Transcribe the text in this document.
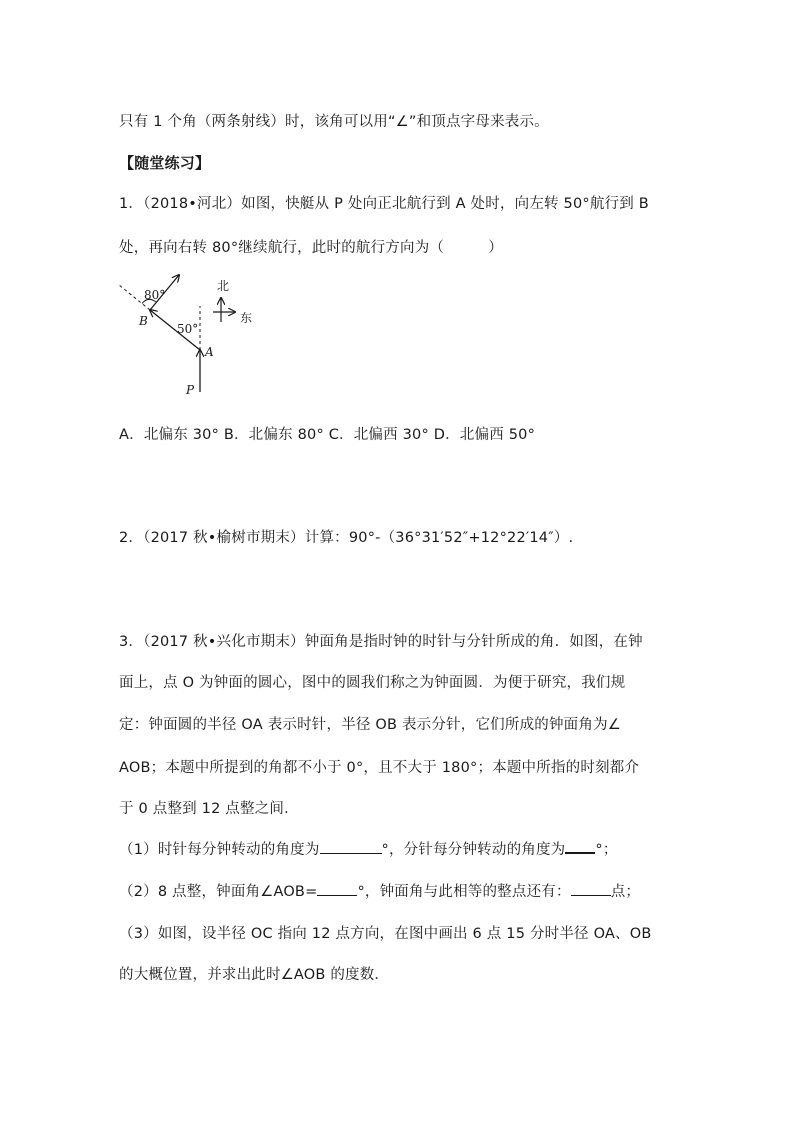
只有 1 个角（两条射线）时，该角可以用“∠”和顶点字母来表示。
【随堂练习】
1．（2018•河北）如图，快艇从 P 处向正北航行到 A 处时，向左转 50°航行到 B
处，再向右转 80°继续航行，此时的航行方向为（　　　）
80°
50°
B
A
P
北
东
A．北偏东 30° B．北偏东 80° C．北偏西 30° D．北偏西 50°
2．（2017 秋•榆树市期末）计算：90°-（36°31′52″+12°22′14″）.
3．（2017 秋•兴化市期末）钟面角是指时钟的时针与分针所成的角．如图，在钟
面上，点 O 为钟面的圆心，图中的圆我们称之为钟面圆．为便于研究，我们规
定：钟面圆的半径 OA 表示时针，半径 OB 表示分针，它们所成的钟面角为∠
AOB；本题中所提到的角都不小于 0°，且不大于 180°；本题中所指的时刻都介
于 0 点整到 12 点整之间．
（1）时针每分钟转动的角度为	°，分针每分钟转动的角度为 °；
（2）8 点整，钟面角∠AOB=	°，钟面角与此相等的整点还有：	点；
（3）如图，设半径 OC 指向 12 点方向，在图中画出 6 点 15 分时半径 OA、OB
的大概位置，并求出此时∠AOB 的度数．
